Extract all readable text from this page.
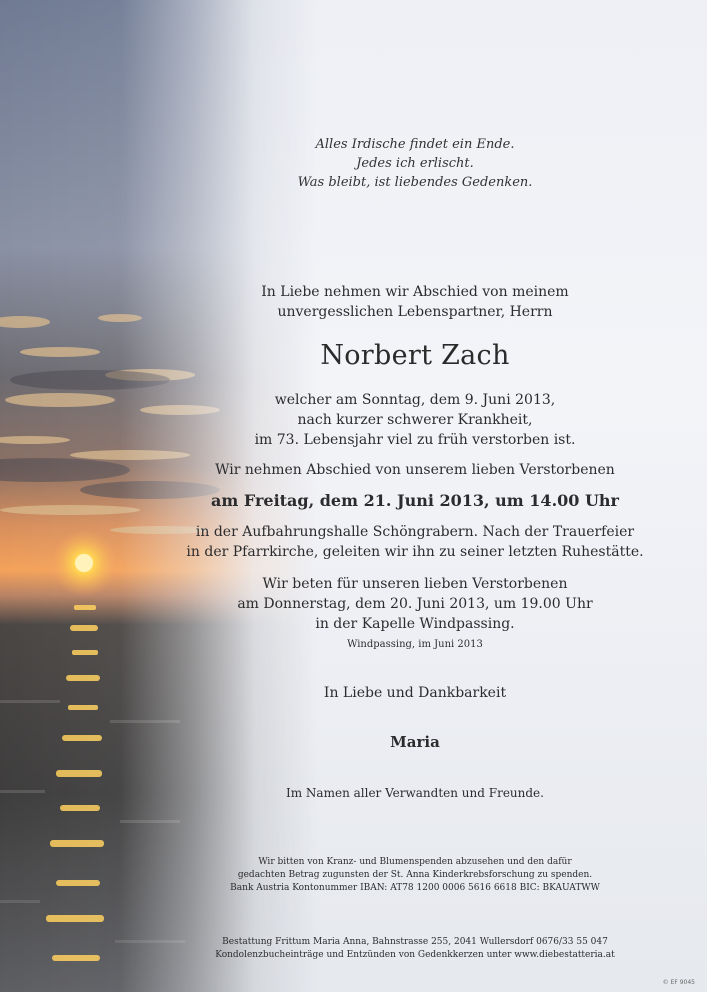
Alles Irdische findet ein Ende.
Jedes ich erlischt.
Was bleibt, ist liebendes Gedenken.
In Liebe nehmen wir Abschied von meinem
unvergesslichen Lebenspartner, Herrn
Norbert Zach
welcher am Sonntag, dem 9. Juni 2013,
nach kurzer schwerer Krankheit,
im 73. Lebensjahr viel zu früh verstorben ist.
Wir nehmen Abschied von unserem lieben Verstorbenen
am Freitag, dem 21. Juni 2013, um 14.00 Uhr
in der Aufbahrungshalle Schöngrabern. Nach der Trauerfeier
in der Pfarrkirche, geleiten wir ihn zu seiner letzten Ruhestätte.
Wir beten für unseren lieben Verstorbenen
am Donnerstag, dem 20. Juni 2013, um 19.00 Uhr
in der Kapelle Windpassing.
Windpassing, im Juni 2013
In Liebe und Dankbarkeit
Maria
Im Namen aller Verwandten und Freunde.
Wir bitten von Kranz- und Blumenspenden abzusehen und den dafür
gedachten Betrag zugunsten der St. Anna Kinderkrebsforschung zu spenden.
Bank Austria Kontonummer IBAN: AT78 1200 0006 5616 6618 BIC: BKAUATWW
Bestattung Frittum Maria Anna, Bahnstrasse 255, 2041 Wullersdorf 0676/33 55 047
Kondolenzbucheinträge und Entzünden von Gedenkkerzen unter www.diebestatteria.at
© EF 9045
